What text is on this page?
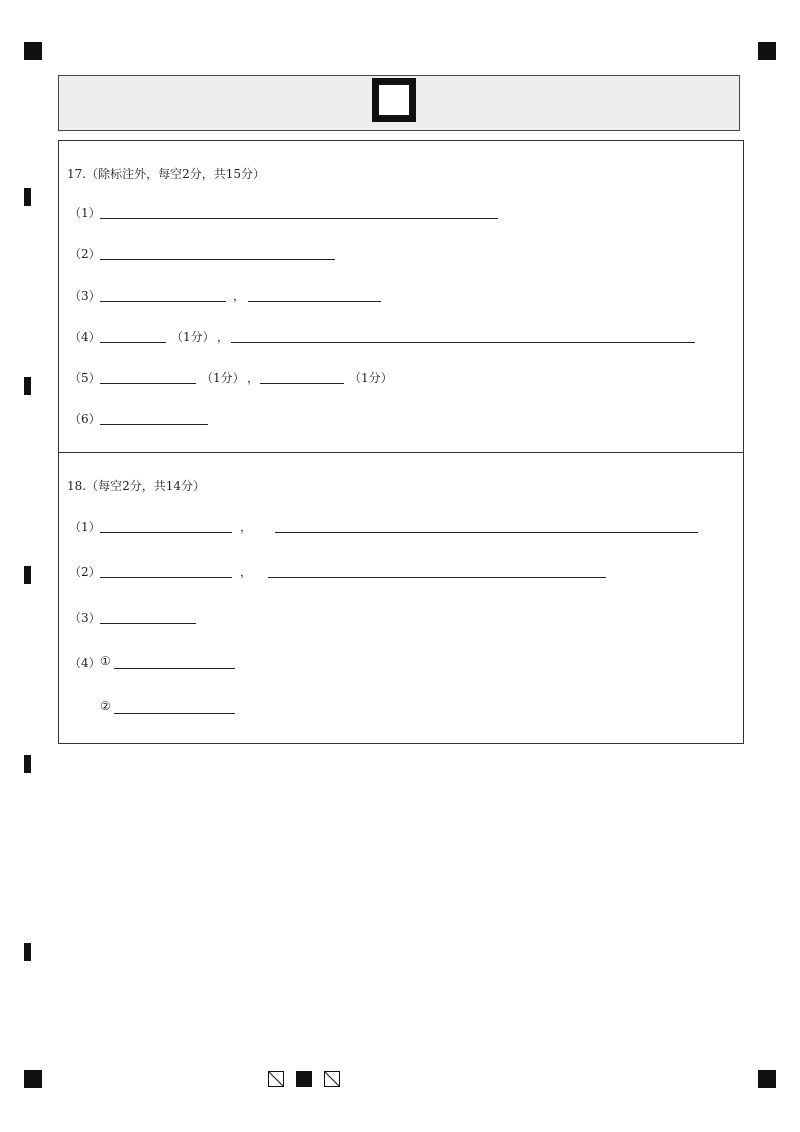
17.（除标注外，每空2分，共15分）
（1）
（2）
（3）	，
（4）	（1分） ，
（5）	（1分） ，	（1分）
（6）
18.（每空2分，共14分）
（1）	，
（2）	，
（3）
（4） ①
②
